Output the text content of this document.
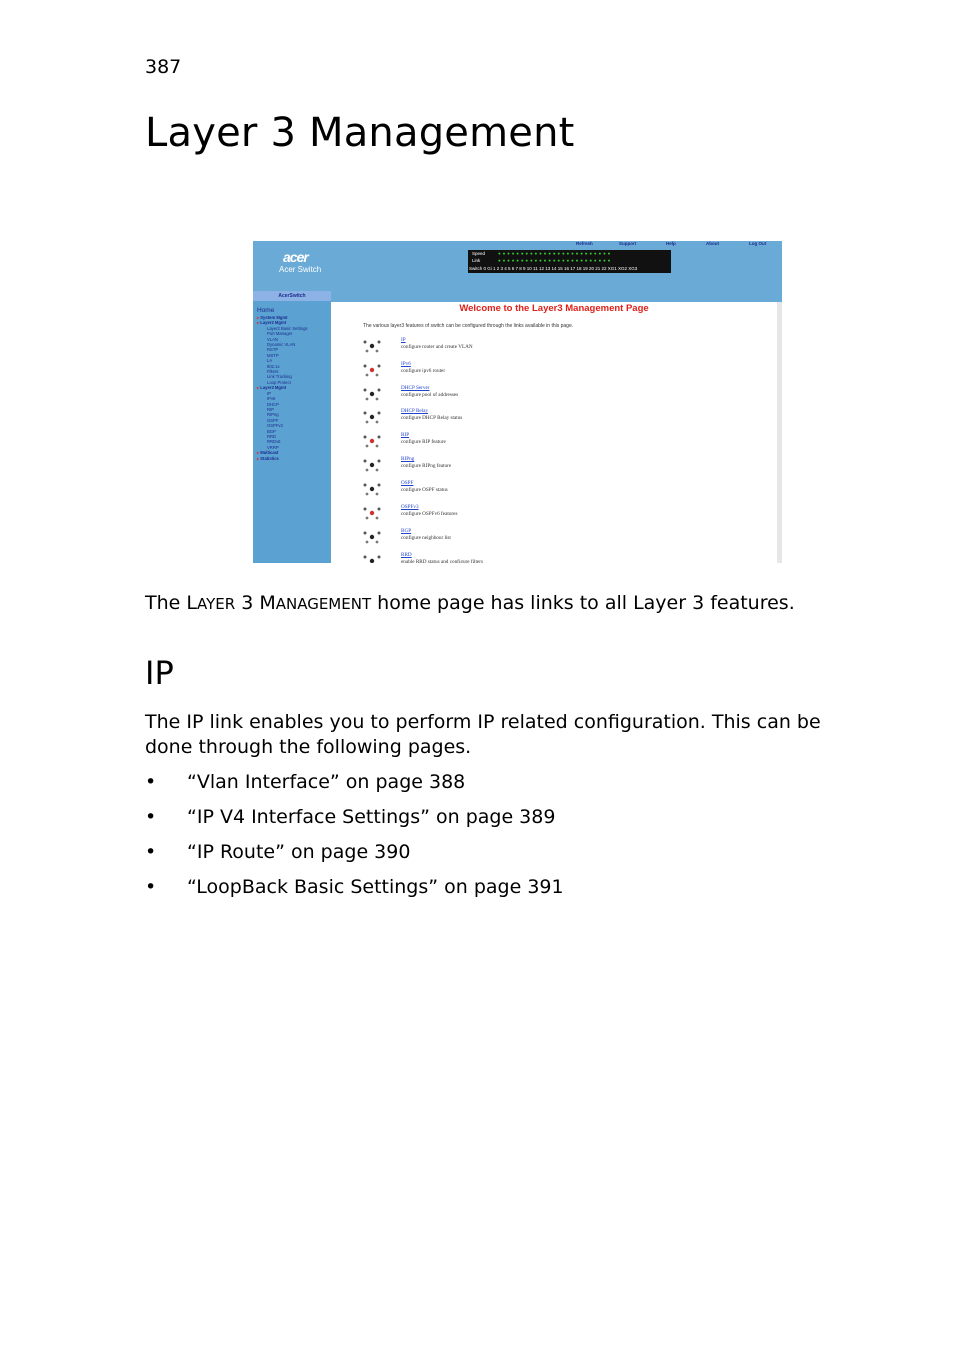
387
Layer 3 Management
acer
Acer Switch
Speed	● ● ● ● ● ● ● ● ● ● ● ● ● ● ● ● ● ● ● ● ● ● ● ● ●
Link	● ● ● ● ● ● ● ● ● ● ● ● ● ● ● ● ● ● ● ● ● ● ● ● ●
Switch 0 Gi 1 2 3 4 5 6 7 8 9 10 11 12 13 14 15 16 17 18 19 20 21 22 XG1 XG2 XG3
Refresh	Support	Help	About	Log Out
AcerSwitch
Home
▸ System Mgmt
▸ Layer2 Mgmt
Layer2 Basic Settings
Port Manager
VLAN
Dynamic VLAN
RSTP
MSTP
LA
802.1x
Filters
Link Tracking
Loop Protect
▸ Layer3 Mgmt
IP
IPv6
DHCP
RIP
RIPng
OSPF
OSPFv3
BGP
RRD
RRDv6
VRRP
▸ Multicast
▸ Statistics
Welcome to the Layer3 Management Page
The various layer3 features of switch can be configured through the links available in this page.
IP
configure router and create VLAN
IPv6
configure ipv6 router
DHCP Server
configure pool of addresses
DHCP Relay
configure DHCP Relay status
RIP
configure RIP feature
RIPng
configure RIPng feature
OSPF
configure OSPF status
OSPFv3
configure OSPFv6 features
BGP
configure neighbour list
RRD
enable RRD status and configure filters

The LAYER 3 MANAGEMENT home page has links to all Layer 3 features.

IP

The IP link enables you to perform IP related configuration. This can be done through the following pages.

• “Vlan Interface” on page 388
• “IP V4 Interface Settings” on page 389
• “IP Route” on page 390
• “LoopBack Basic Settings” on page 391
